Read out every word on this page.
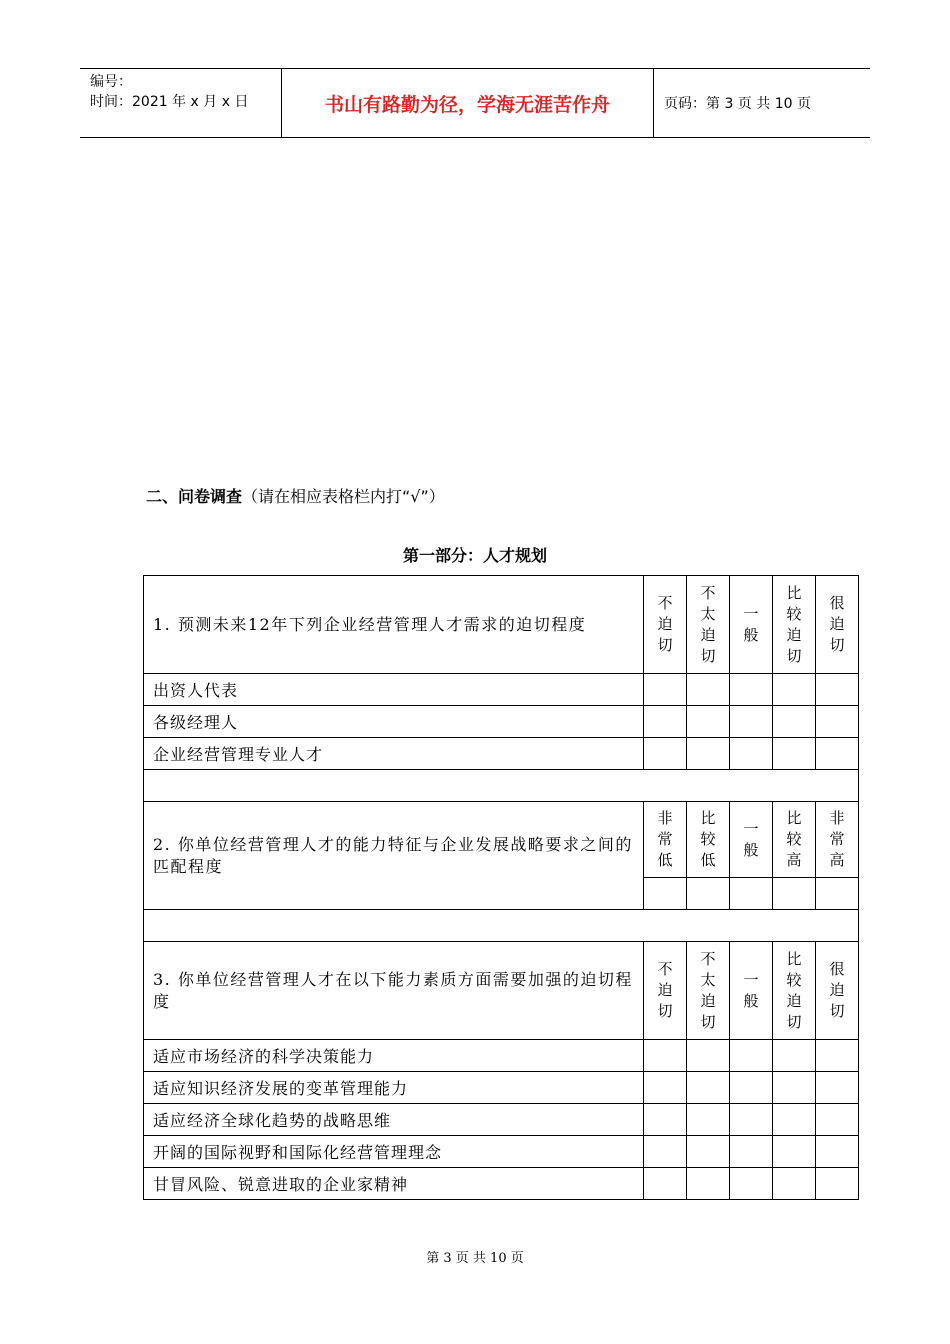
编号：
时间：2021 年 x 月 x 日	书山有路勤为径，学海无涯苦作舟	页码：第 3 页 共 10 页
二、问卷调查（请在相应表格栏内打“√”）
第一部分：人才规划
1. 预测未来12年下列企业经营管理人才需求的迫切程度	不
迫
切	不
太
迫
切	一
般	比
较
迫
切	很
迫
切

出资人代表					
各级经理人					
企业经营管理专业人才					

2. 你单位经营管理人才的能力特征与企业发展战略要求之间的匹配程度	非
常
低	比
较
低	一
般	比
较
高	非
常
高

3. 你单位经营管理人才在以下能力素质方面需要加强的迫切程度	不
迫
切	不
太
迫
切	一
般	比
较
迫
切	很
迫
切

适应市场经济的科学决策能力					
适应知识经济发展的变革管理能力					
适应经济全球化趋势的战略思维					
开阔的国际视野和国际化经营管理理念					
甘冒风险、锐意进取的企业家精神					
第 3 页 共 10 页
